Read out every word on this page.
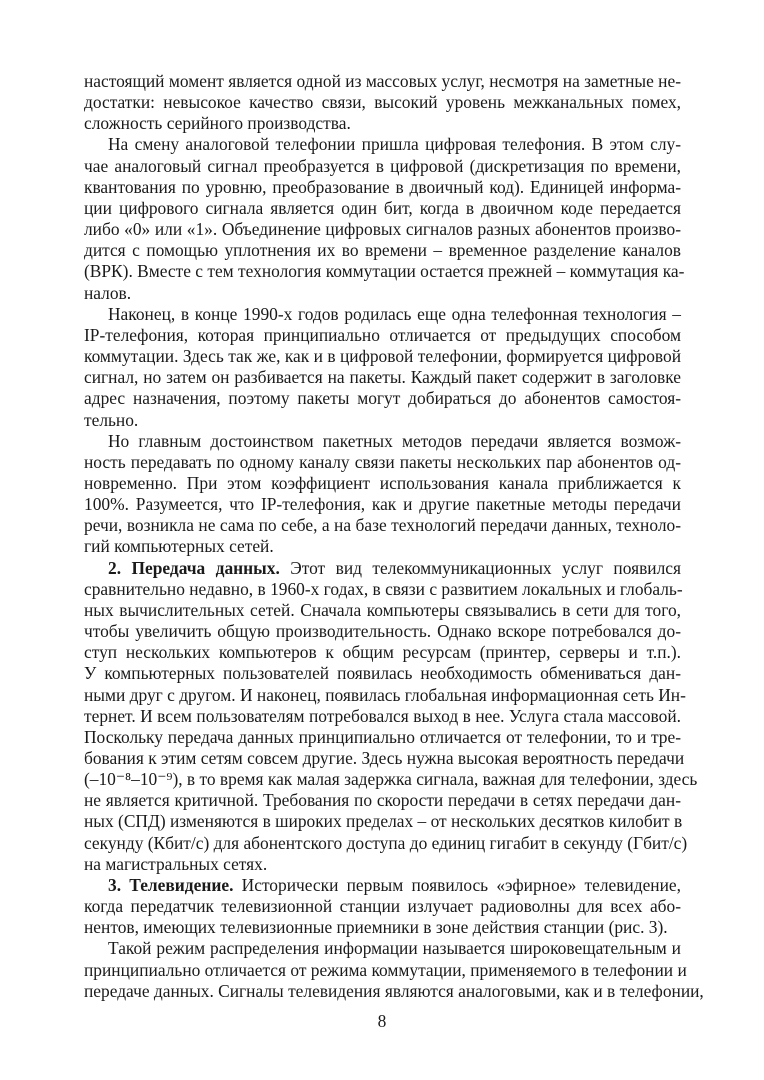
настоящий момент является одной из массовых услуг, несмотря на заметные не-
достатки: невысокое качество связи, высокий уровень межканальных помех,
сложность серийного производства.
На смену аналоговой телефонии пришла цифровая телефония. В этом слу-
чае аналоговый сигнал преобразуется в цифровой (дискретизация по времени,
квантования по уровню, преобразование в двоичный код). Единицей информа-
ции цифрового сигнала является один бит, когда в двоичном коде передается
либо «0» или «1». Объединение цифровых сигналов разных абонентов произво-
дится с помощью уплотнения их во времени – временное разделение каналов
(ВРК). Вместе с тем технология коммутации остается прежней – коммутация ка-
налов.
Наконец, в конце 1990-х годов родилась еще одна телефонная технология –
IP-телефония, которая принципиально отличается от предыдущих способом
коммутации. Здесь так же, как и в цифровой телефонии, формируется цифровой
сигнал, но затем он разбивается на пакеты. Каждый пакет содержит в заголовке
адрес назначения, поэтому пакеты могут добираться до абонентов самостоя-
тельно.
Но главным достоинством пакетных методов передачи является возмож-
ность передавать по одному каналу связи пакеты нескольких пар абонентов од-
новременно. При этом коэффициент использования канала приближается к
100%. Разумеется, что IP-телефония, как и другие пакетные методы передачи
речи, возникла не сама по себе, а на базе технологий передачи данных, техноло-
гий компьютерных сетей.
2. Передача данных. Этот вид телекоммуникационных услуг появился
сравнительно недавно, в 1960-х годах, в связи с развитием локальных и глобаль-
ных вычислительных сетей. Сначала компьютеры связывались в сети для того,
чтобы увеличить общую производительность. Однако вскоре потребовался до-
ступ нескольких компьютеров к общим ресурсам (принтер, серверы и т.п.).
У компьютерных пользователей появилась необходимость обмениваться дан-
ными друг с другом. И наконец, появилась глобальная информационная сеть Ин-
тернет. И всем пользователям потребовался выход в нее. Услуга стала массовой.
Поскольку передача данных принципиально отличается от телефонии, то и тре-
бования к этим сетям совсем другие. Здесь нужна высокая вероятность передачи
(–10⁻⁸–10⁻⁹), в то время как малая задержка сигнала, важная для телефонии, здесь
не является критичной. Требования по скорости передачи в сетях передачи дан-
ных (СПД) изменяются в широких пределах – от нескольких десятков килобит в
секунду (Кбит/с) для абонентского доступа до единиц гигабит в секунду (Гбит/с)
на магистральных сетях.
3. Телевидение. Исторически первым появилось «эфирное» телевидение,
когда передатчик телевизионной станции излучает радиоволны для всех або-
нентов, имеющих телевизионные приемники в зоне действия станции (рис. 3).
Такой режим распределения информации называется широковещательным и
принципиально отличается от режима коммутации, применяемого в телефонии и
передаче данных. Сигналы телевидения являются аналоговыми, как и в телефонии,
8
